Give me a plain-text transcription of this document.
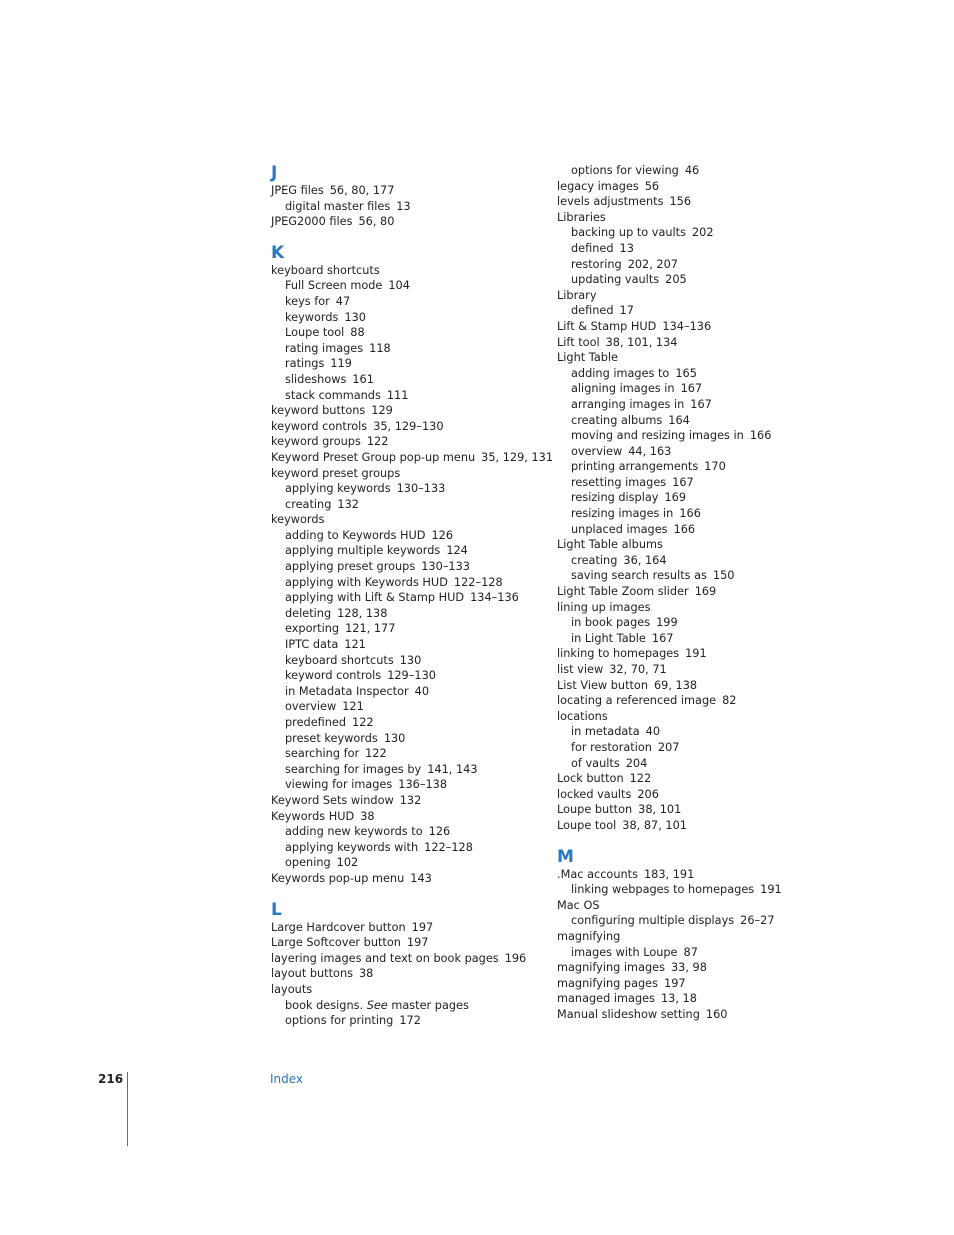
J
JPEG files 56, 80, 177
digital master files 13
JPEG2000 files 56, 80
K
keyboard shortcuts
Full Screen mode 104
keys for 47
keywords 130
Loupe tool 88
rating images 118
ratings 119
slideshows 161
stack commands 111
keyword buttons 129
keyword controls 35, 129–130
keyword groups 122
Keyword Preset Group pop-up menu 35, 129, 131
keyword preset groups
applying keywords 130–133
creating 132
keywords
adding to Keywords HUD 126
applying multiple keywords 124
applying preset groups 130–133
applying with Keywords HUD 122–128
applying with Lift & Stamp HUD 134–136
deleting 128, 138
exporting 121, 177
IPTC data 121
keyboard shortcuts 130
keyword controls 129–130
in Metadata Inspector 40
overview 121
predefined 122
preset keywords 130
searching for 122
searching for images by 141, 143
viewing for images 136–138
Keyword Sets window 132
Keywords HUD 38
adding new keywords to 126
applying keywords with 122–128
opening 102
Keywords pop-up menu 143
L
Large Hardcover button 197
Large Softcover button 197
layering images and text on book pages 196
layout buttons 38
layouts
book designs. See master pages
options for printing 172
options for viewing 46
legacy images 56
levels adjustments 156
Libraries
backing up to vaults 202
defined 13
restoring 202, 207
updating vaults 205
Library
defined 17
Lift & Stamp HUD 134–136
Lift tool 38, 101, 134
Light Table
adding images to 165
aligning images in 167
arranging images in 167
creating albums 164
moving and resizing images in 166
overview 44, 163
printing arrangements 170
resetting images 167
resizing display 169
resizing images in 166
unplaced images 166
Light Table albums
creating 36, 164
saving search results as 150
Light Table Zoom slider 169
lining up images
in book pages 199
in Light Table 167
linking to homepages 191
list view 32, 70, 71
List View button 69, 138
locating a referenced image 82
locations
in metadata 40
for restoration 207
of vaults 204
Lock button 122
locked vaults 206
Loupe button 38, 101
Loupe tool 38, 87, 101
M
.Mac accounts 183, 191
linking webpages to homepages 191
Mac OS
configuring multiple displays 26–27
magnifying
images with Loupe 87
magnifying images 33, 98
magnifying pages 197
managed images 13, 18
Manual slideshow setting 160
216	Index
